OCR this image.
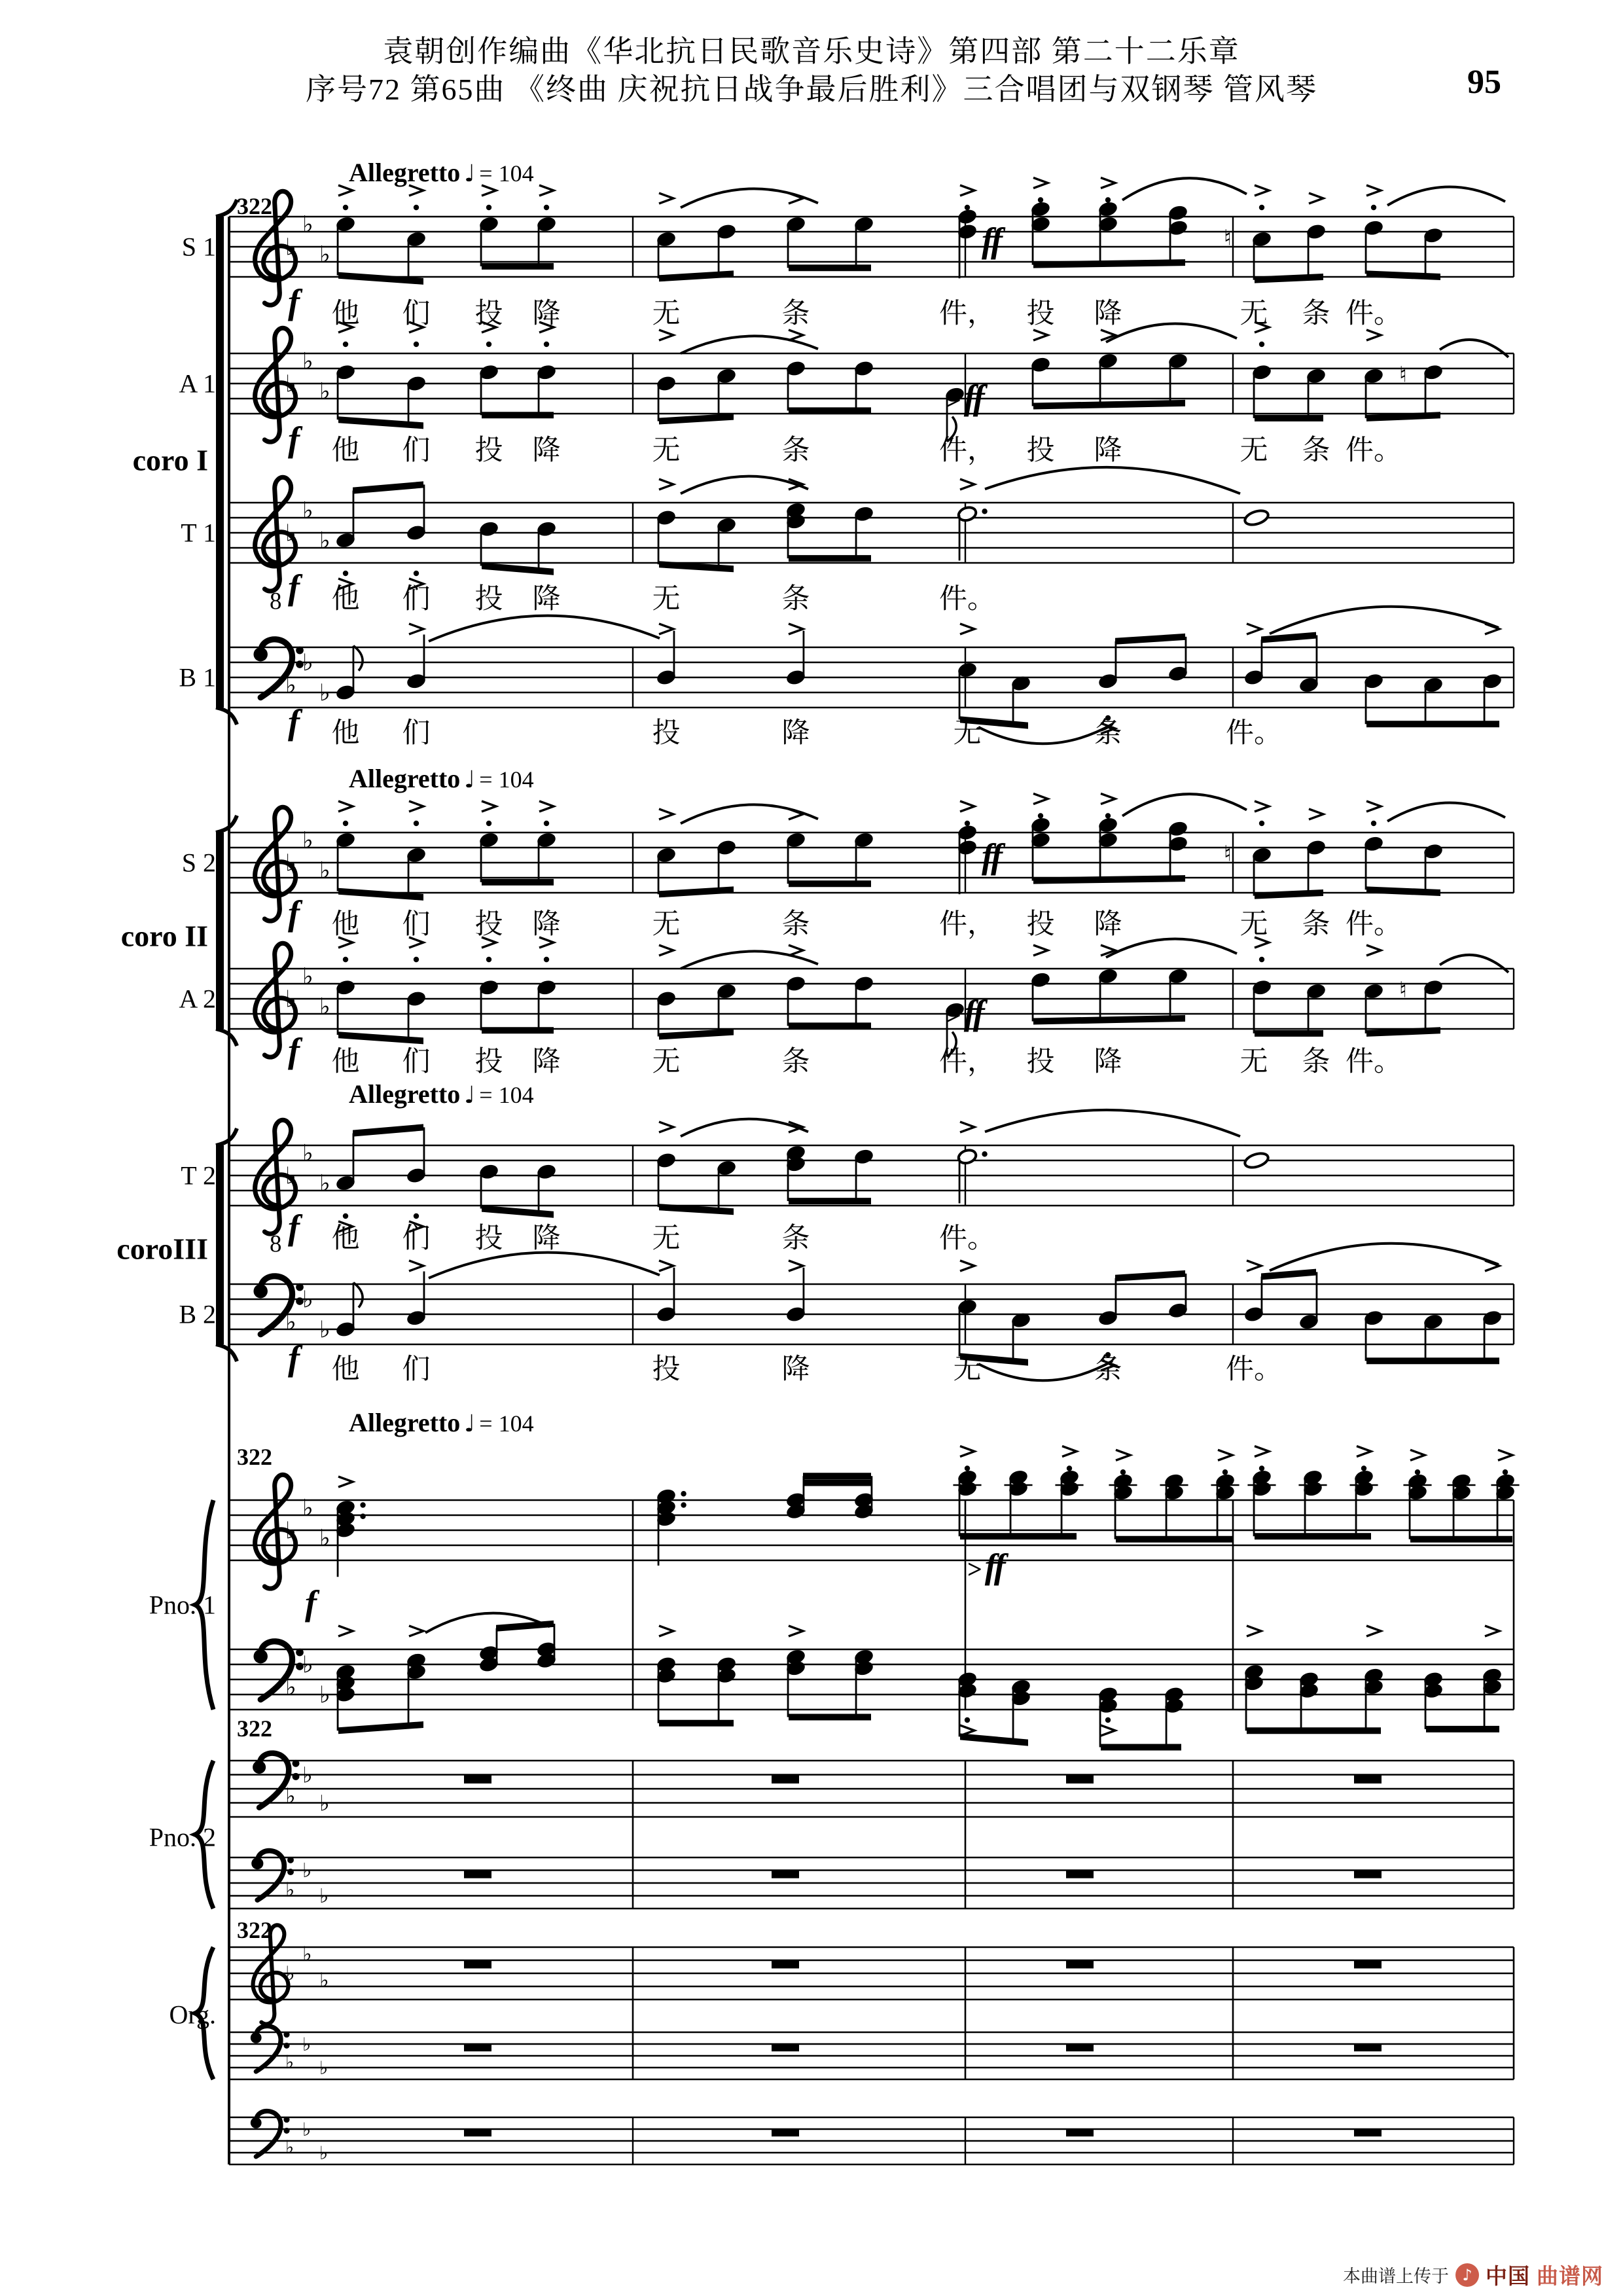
袁朝创作编曲《华北抗日民歌音乐史诗》第四部 第二十二乐章
序号72 第65曲 《终曲 庆祝抗日战争最后胜利》三合唱团与双钢琴 管风琴	95
♭
♭
♭
♮
♭
♭
♭
♮
8
♭
♭
♭
♭
♭
♭
♭
♭
♭
♮
♭
♭
♭
♮
8
♭
♭
♭
♭
♭
♭
♭
♭
♭
♭
♭
♭
♭
♭
♭
♭
♭
♭
♭
♭
♭
♭
♭
♭
♭
♭
♭
他 们 投 降	无	条	件， 投 降	无 条 件。
f
ff
他 们 投 降	无	条	件， 投 降	无 条 件。
f
>ff
他 们 投 降	无	条	件。
f
他 们	投	降	无	条	件。
f
他 们 投 降	无	条	件， 投 降	无 条 件。
f
ff
他 们 投 降	无	条	件， 投 降	无 条 件。
f
>ff
他 们 投 降	无	条	件。
f
他 们	投	降	无	条	件。
f
f
>ff
Allegretto ♩ = 104
Allegretto ♩ = 104
Allegretto ♩ = 104
Allegretto ♩ = 104
322
322
322
322
S 1
A 1
coro I
T 1
B 1
S 2
coro II
A 2
T 2
coroIII
B 2
Pno. 1
Pno. 2
Org.
本曲谱上传于 ♪ 中国 曲谱网
